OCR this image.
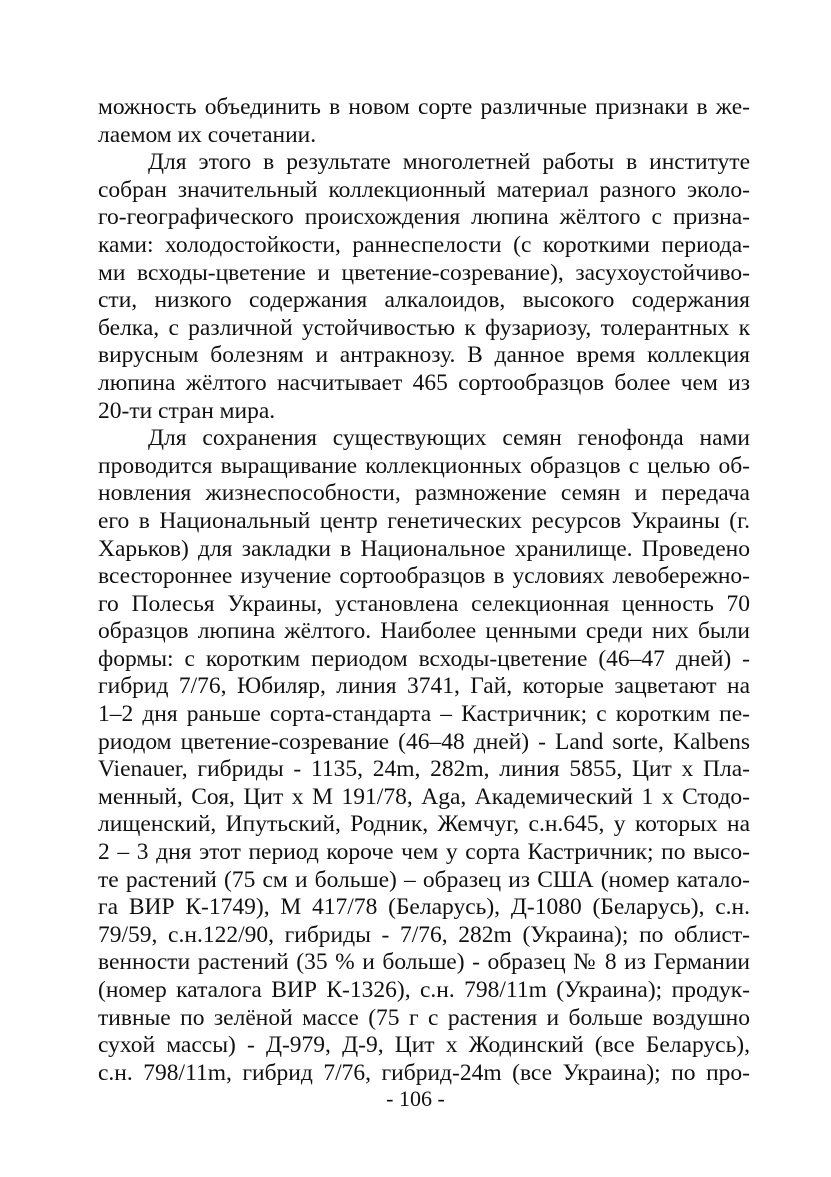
можность объединить в новом сорте различные признаки в же-
лаемом их сочетании.
Для этого в результате многолетней работы в институте
собран значительный коллекционный материал разного эколо-
го-географического происхождения люпина жёлтого с призна-
ками: холодостойкости, раннеспелости (с короткими периода-
ми всходы-цветение и цветение-созревание), засухоустойчиво-
сти, низкого содержания алкалоидов, высокого содержания
белка, с различной устойчивостью к фузариозу, толерантных к
вирусным болезням и антракнозу. В данное время коллекция
люпина жёлтого насчитывает 465 сортообразцов более чем из
20-ти стран мира.
Для сохранения существующих семян генофонда нами
проводится выращивание коллекционных образцов с целью об-
новления жизнеспособности, размножение семян и передача
его в Национальный центр генетических ресурсов Украины (г.
Харьков) для закладки в Национальное хранилище. Проведено
всестороннее изучение сортообразцов в условиях левобережно-
го Полесья Украины, установлена селекционная ценность 70
образцов люпина жёлтого. Наиболее ценными среди них были
формы: с коротким периодом всходы-цветение (46–47 дней) -
гибрид 7/76, Юбиляр, линия 3741, Гай, которые зацветают на
1–2 дня раньше сорта-стандарта – Кастричник; с коротким пе-
риодом цветение-созревание (46–48 дней) - Land sorte, Kalbens
Vienauer, гибриды - 1135, 24m, 282m, линия 5855, Цит х Пла-
менный, Соя, Цит х М 191/78, Aga, Академический 1 х Стодо-
лищенский, Ипутьский, Родник, Жемчуг, с.н.645, у которых на
2 – 3 дня этот период короче чем у сорта Кастричник; по высо-
те растений (75 см и больше) – образец из США (номер катало-
га ВИР К-1749), М 417/78 (Беларусь), Д-1080 (Беларусь), с.н.
79/59, с.н.122/90, гибриды - 7/76, 282m (Украина); по облист-
венности растений (35 % и больше) - образец № 8 из Германии
(номер каталога ВИР К-1326), с.н. 798/11m (Украина); продук-
тивные по зелёной массе (75 г с растения и больше воздушно
сухой массы) - Д-979, Д-9, Цит х Жодинский (все Беларусь),
с.н. 798/11m, гибрид 7/76, гибрид-24m (все Украина); по про-
- 106 -
